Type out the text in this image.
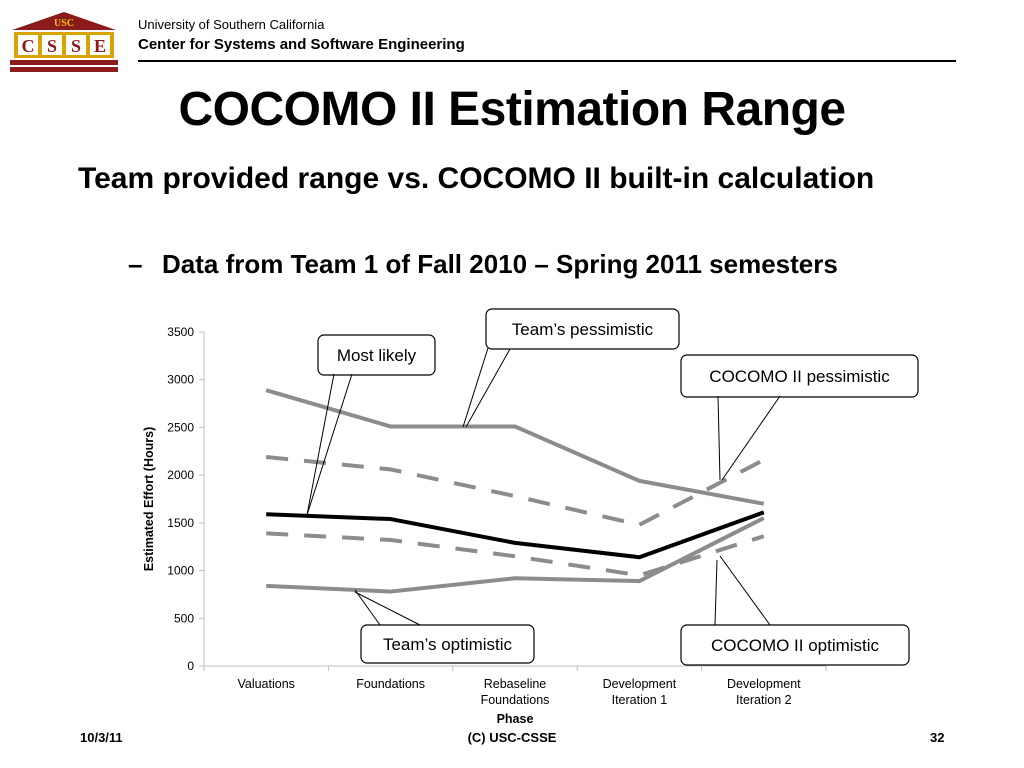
USC
C S S E
University of Southern California
Center for Systems and Software Engineering
COCOMO II Estimation Range
Team provided range vs. COCOMO II built-in calculation
– Data from Team 1 of Fall 2010 – Spring 2011 semesters
0
500
1000
1500
2000
2500
3000
3500
Valuations	Foundations	Rebaseline
Foundations
Development
Iteration 1
Development
Iteration 2
Phase
Estimated Effort (Hours)
Team’s pessimistic
Most likely
COCOMO II pessimistic
Team’s optimistic	COCOMO II optimistic
10/3/11	(C) USC-CSSE	32
